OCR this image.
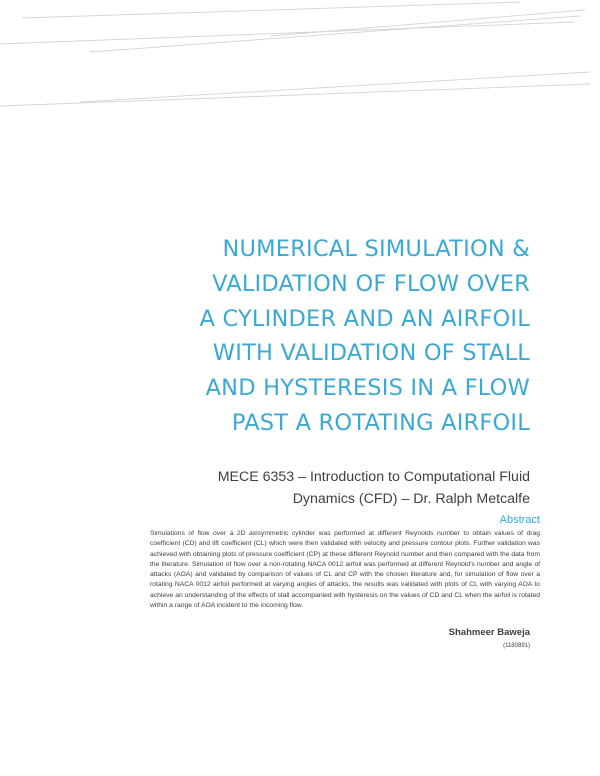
NUMERICAL SIMULATION &
VALIDATION OF FLOW OVER
A CYLINDER AND AN AIRFOIL
WITH VALIDATION OF STALL
AND HYSTERESIS IN A FLOW
PAST A ROTATING AIRFOIL
MECE 6353 – Introduction to Computational Fluid
Dynamics (CFD) – Dr. Ralph Metcalfe
Abstract
Simulations of flow over a 2D axisymmetric cylinder was performed at different Reynolds number to obtain values of drag coefficient (CD) and lift coefficient (CL) which were then validated with velocity and pressure contour plots. Further validation was achieved with obtaining plots of pressure coefficient (CP) at these different Reynold number and then compared with the data from the literature. Simulation of flow over a non-rotating NACA 0012 airfoil was performed at different Reynold's number and angle of attacks (AOA) and validated by comparison of values of CL and CP with the chosen literature and, for simulation of flow over a rotating NACA 0012 airfoil performed at varying angles of attacks, the results was validated with plots of CL with varying AOA to achieve an understanding of the effects of stall accompanied with hysteresis on the values of CD and CL when the airfoil is rotated within a range of AOA incident to the incoming flow.
Shahmeer Baweja
(1180891)
